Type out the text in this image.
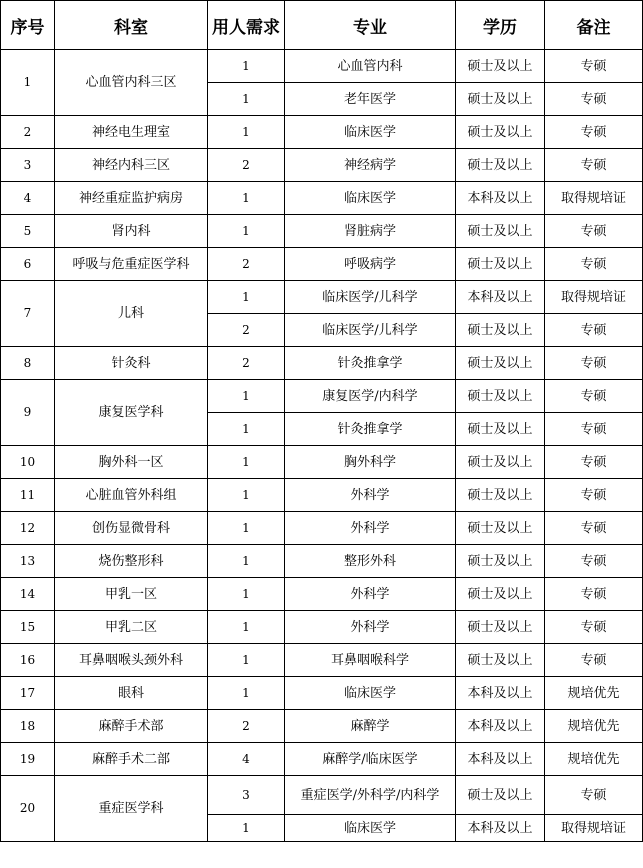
序号	科室	用人需求	专业	学历	备注
1	心血管内科三区	1	心血管内科	硕士及以上	专硕
		1	老年医学	硕士及以上	专硕
2	神经电生理室	1	临床医学	硕士及以上	专硕
3	神经内科三区	2	神经病学	硕士及以上	专硕
4	神经重症监护病房	1	临床医学	本科及以上	取得规培证
5	肾内科	1	肾脏病学	硕士及以上	专硕
6	呼吸与危重症医学科	2	呼吸病学	硕士及以上	专硕
7	儿科	1	临床医学/儿科学	本科及以上	取得规培证
		2	临床医学/儿科学	硕士及以上	专硕
8	针灸科	2	针灸推拿学	硕士及以上	专硕
9	康复医学科	1	康复医学/内科学	硕士及以上	专硕
		1	针灸推拿学	硕士及以上	专硕
10	胸外科一区	1	胸外科学	硕士及以上	专硕
11	心脏血管外科组	1	外科学	硕士及以上	专硕
12	创伤显微骨科	1	外科学	硕士及以上	专硕
13	烧伤整形科	1	整形外科	硕士及以上	专硕
14	甲乳一区	1	外科学	硕士及以上	专硕
15	甲乳二区	1	外科学	硕士及以上	专硕
16	耳鼻咽喉头颈外科	1	耳鼻咽喉科学	硕士及以上	专硕
17	眼科	1	临床医学	本科及以上	规培优先
18	麻醉手术部	2	麻醉学	本科及以上	规培优先
19	麻醉手术二部	4	麻醉学/临床医学	本科及以上	规培优先
20	重症医学科	3	重症医学/外科学/内科学	硕士及以上	专硕
		1	临床医学	本科及以上	取得规培证
